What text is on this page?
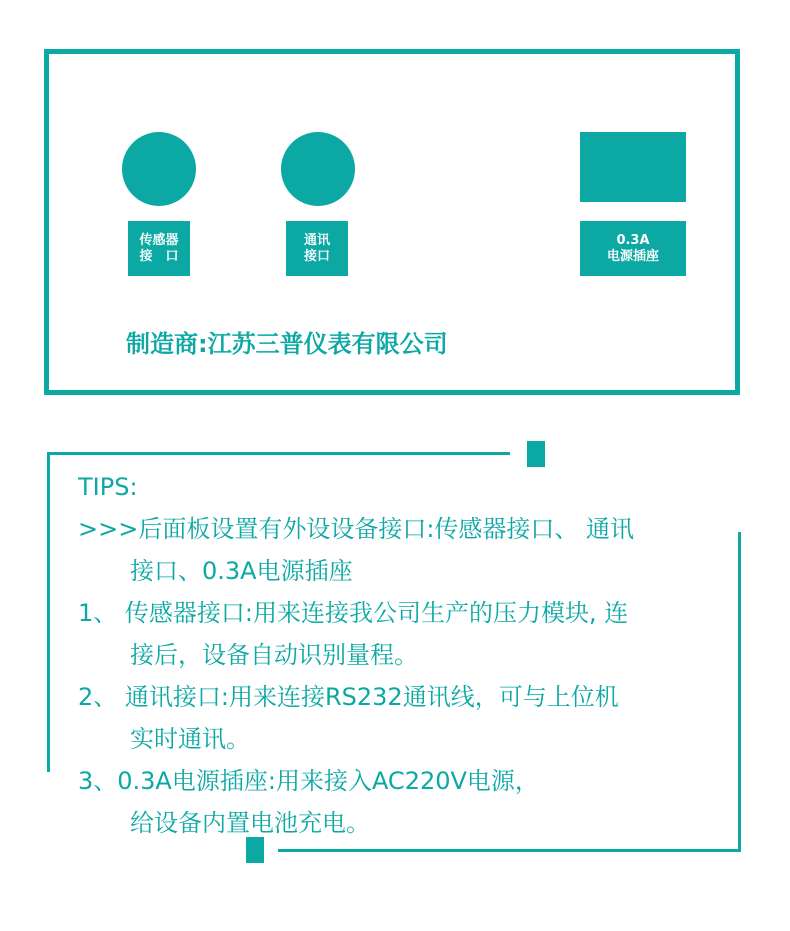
传感器
接　口
通讯
接口
0.3A
电源插座
制造商:江苏三普仪表有限公司
TIPS:
>>>后面板设置有外设设备接口:传感器接口、 通讯
接口、0.3A电源插座
1、 传感器接口:用来连接我公司生产的压力模块, 连
接后，设备自动识别量程。
2、 通讯接口:用来连接RS232通讯线，可与上位机
实时通讯。
3、0.3A电源插座:用来接入AC220V电源，
给设备内置电池充电。
